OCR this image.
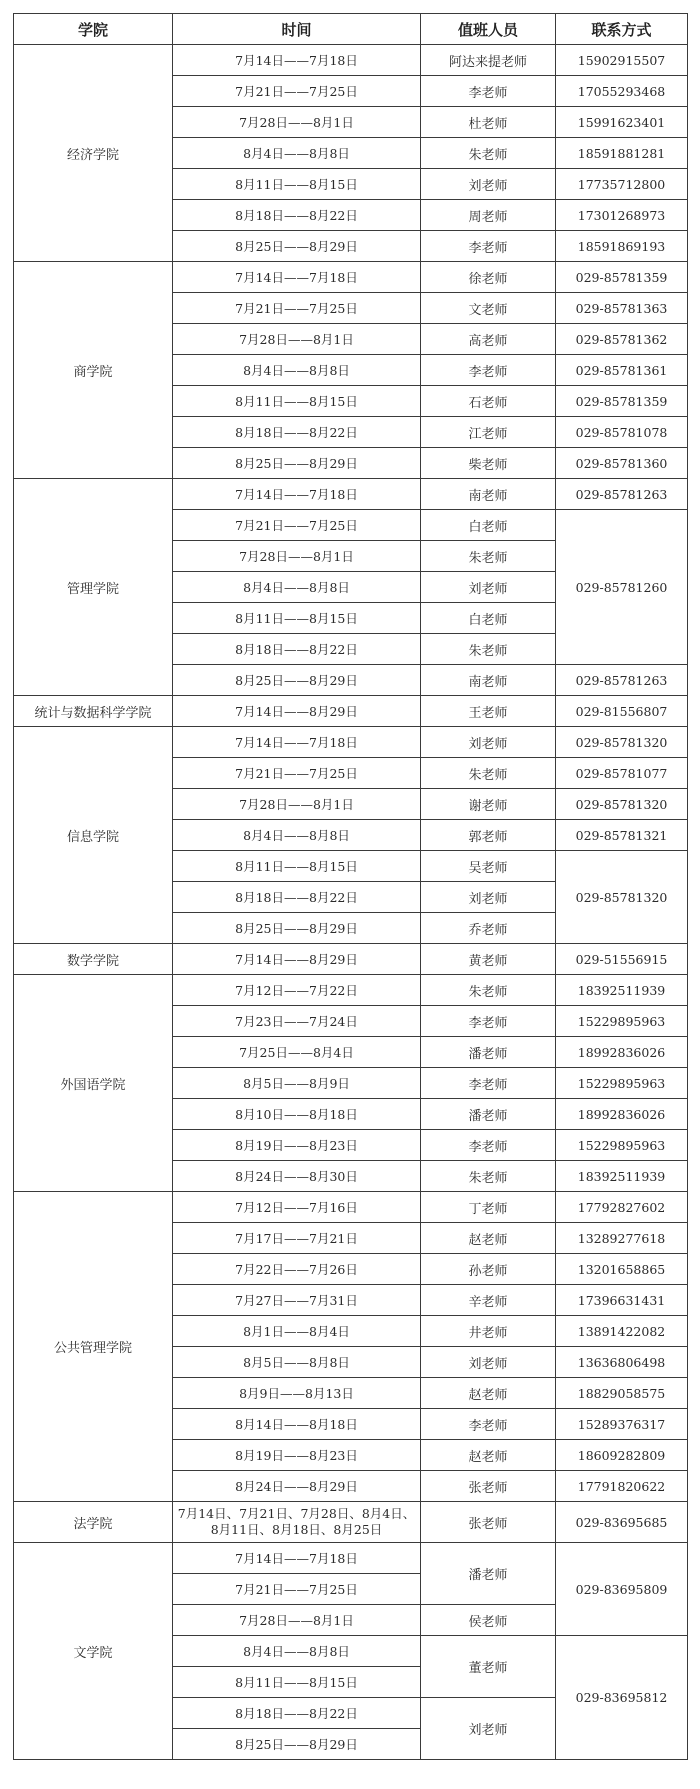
学院	时间	值班人员	联系方式
经济学院	7月14日——7月18日	阿达来提老师	15902915507
	7月21日——7月25日	李老师	17055293468
	7月28日——8月1日	杜老师	15991623401
	8月4日——8月8日	朱老师	18591881281
	8月11日——8月15日	刘老师	17735712800
	8月18日——8月22日	周老师	17301268973
	8月25日——8月29日	李老师	18591869193
商学院	7月14日——7月18日	徐老师	029-85781359
	7月21日——7月25日	文老师	029-85781363
	7月28日——8月1日	高老师	029-85781362
	8月4日——8月8日	李老师	029-85781361
	8月11日——8月15日	石老师	029-85781359
	8月18日——8月22日	江老师	029-85781078
	8月25日——8月29日	柴老师	029-85781360
管理学院	7月14日——7月18日	南老师	029-85781263
	7月21日——7月25日	白老师	029-85781260
	7月28日——8月1日	朱老师	
	8月4日——8月8日	刘老师	
	8月11日——8月15日	白老师	
	8月18日——8月22日	朱老师	
	8月25日——8月29日	南老师	029-85781263
统计与数据科学学院	7月14日——8月29日	王老师	029-81556807
信息学院	7月14日——7月18日	刘老师	029-85781320
	7月21日——7月25日	朱老师	029-85781077
	7月28日——8月1日	谢老师	029-85781320
	8月4日——8月8日	郭老师	029-85781321
	8月11日——8月15日	吴老师	029-85781320
	8月18日——8月22日	刘老师	
	8月25日——8月29日	乔老师	
数学学院	7月14日——8月29日	黄老师	029-51556915
外国语学院	7月12日——7月22日	朱老师	18392511939
	7月23日——7月24日	李老师	15229895963
	7月25日——8月4日	潘老师	18992836026
	8月5日——8月9日	李老师	15229895963
	8月10日——8月18日	潘老师	18992836026
	8月19日——8月23日	李老师	15229895963
	8月24日——8月30日	朱老师	18392511939
公共管理学院	7月12日——7月16日	丁老师	17792827602
	7月17日——7月21日	赵老师	13289277618
	7月22日——7月26日	孙老师	13201658865
	7月27日——7月31日	辛老师	17396631431
	8月1日——8月4日	井老师	13891422082
	8月5日——8月8日	刘老师	13636806498
	8月9日——8月13日	赵老师	18829058575
	8月14日——8月18日	李老师	15289376317
	8月19日——8月23日	赵老师	18609282809
	8月24日——8月29日	张老师	17791820622
法学院	7月14日、7月21日、7月28日、8月4日、
8月11日、8月18日、8月25日	张老师	029-83695685
文学院	7月14日——7月18日	潘老师	029-83695809
	7月21日——7月25日		
	7月28日——8月1日	侯老师	
	8月4日——8月8日	董老师	029-83695812
	8月11日——8月15日		
	8月18日——8月22日	刘老师	
	8月25日——8月29日		
